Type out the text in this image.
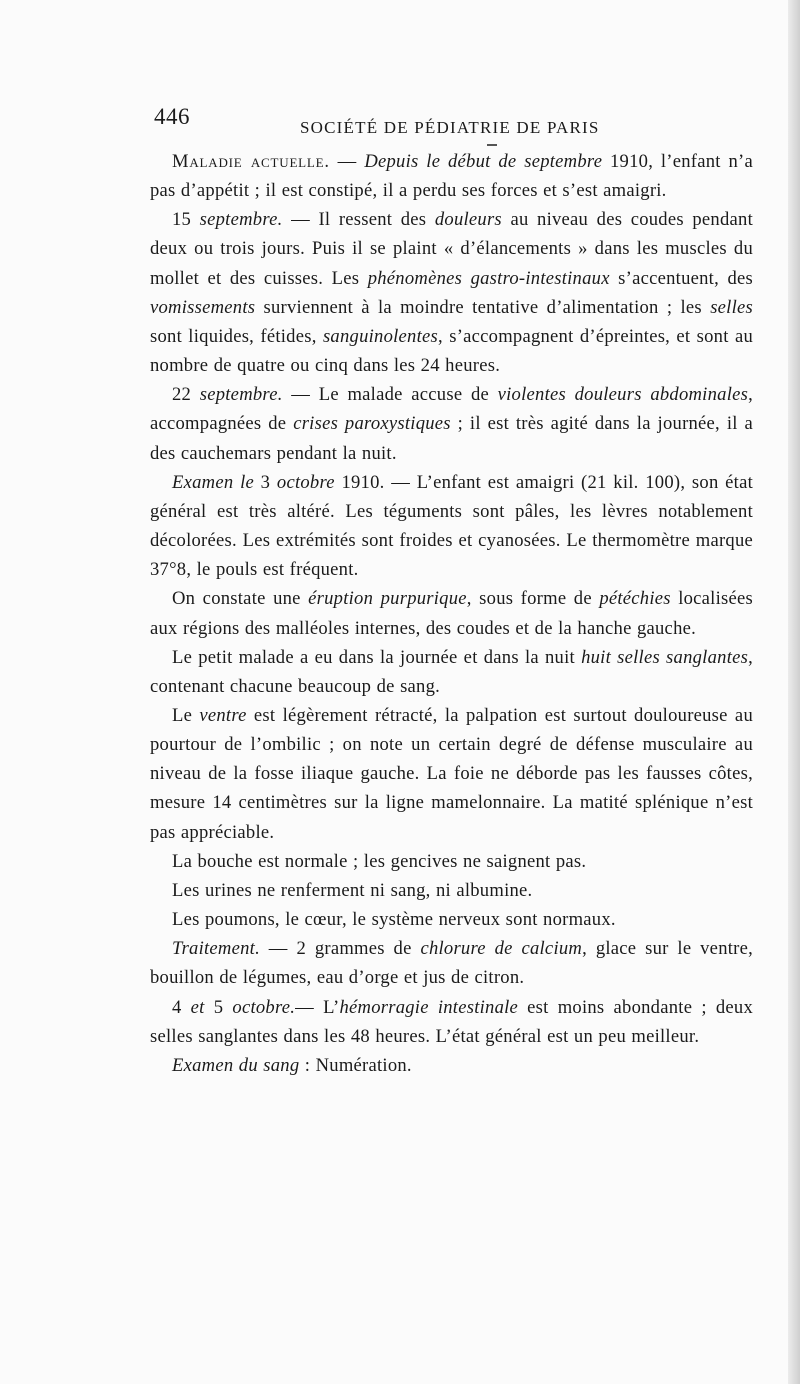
446	SOCIÉTÉ DE PÉDIATRIE DE PARIS

Maladie actuelle. — Depuis le début de septembre 1910, l’enfant n’a pas d’appétit ; il est constipé, il a perdu ses forces et s’est amaigri.

15 septembre. — Il ressent des douleurs au niveau des coudes pendant deux ou trois jours. Puis il se plaint « d’élancements » dans les muscles du mollet et des cuisses. Les phénomènes gastro-intestinaux s’accentuent, des vomissements surviennent à la moindre tentative d’alimentation ; les selles sont liquides, fétides, sanguinolentes, s’accompagnent d’épreintes, et sont au nombre de quatre ou cinq dans les 24 heures.

22 septembre. — Le malade accuse de violentes douleurs abdominales, accompagnées de crises paroxystiques ; il est très agité dans la journée, il a des cauchemars pendant la nuit.

Examen le 3 octobre 1910. — L’enfant est amaigri (21 kil. 100), son état général est très altéré. Les téguments sont pâles, les lèvres notablement décolorées. Les extrémités sont froides et cyanosées. Le thermomètre marque 37°8, le pouls est fréquent.

On constate une éruption purpurique, sous forme de pétéchies localisées aux régions des malléoles internes, des coudes et de la hanche gauche.

Le petit malade a eu dans la journée et dans la nuit huit selles sanglantes, contenant chacune beaucoup de sang.

Le ventre est légèrement rétracté, la palpation est surtout douloureuse au pourtour de l’ombilic ; on note un certain degré de défense musculaire au niveau de la fosse iliaque gauche. La foie ne déborde pas les fausses côtes, mesure 14 centimètres sur la ligne mamelonnaire. La matité splénique n’est pas appréciable.

La bouche est normale ; les gencives ne saignent pas.

Les urines ne renferment ni sang, ni albumine.

Les poumons, le cœur, le système nerveux sont normaux.

Traitement. — 2 grammes de chlorure de calcium, glace sur le ventre, bouillon de légumes, eau d’orge et jus de citron.

4 et 5 octobre.— L’hémorragie intestinale est moins abondante ; deux selles sanglantes dans les 48 heures. L’état général est un peu meilleur.

Examen du sang : Numération.
